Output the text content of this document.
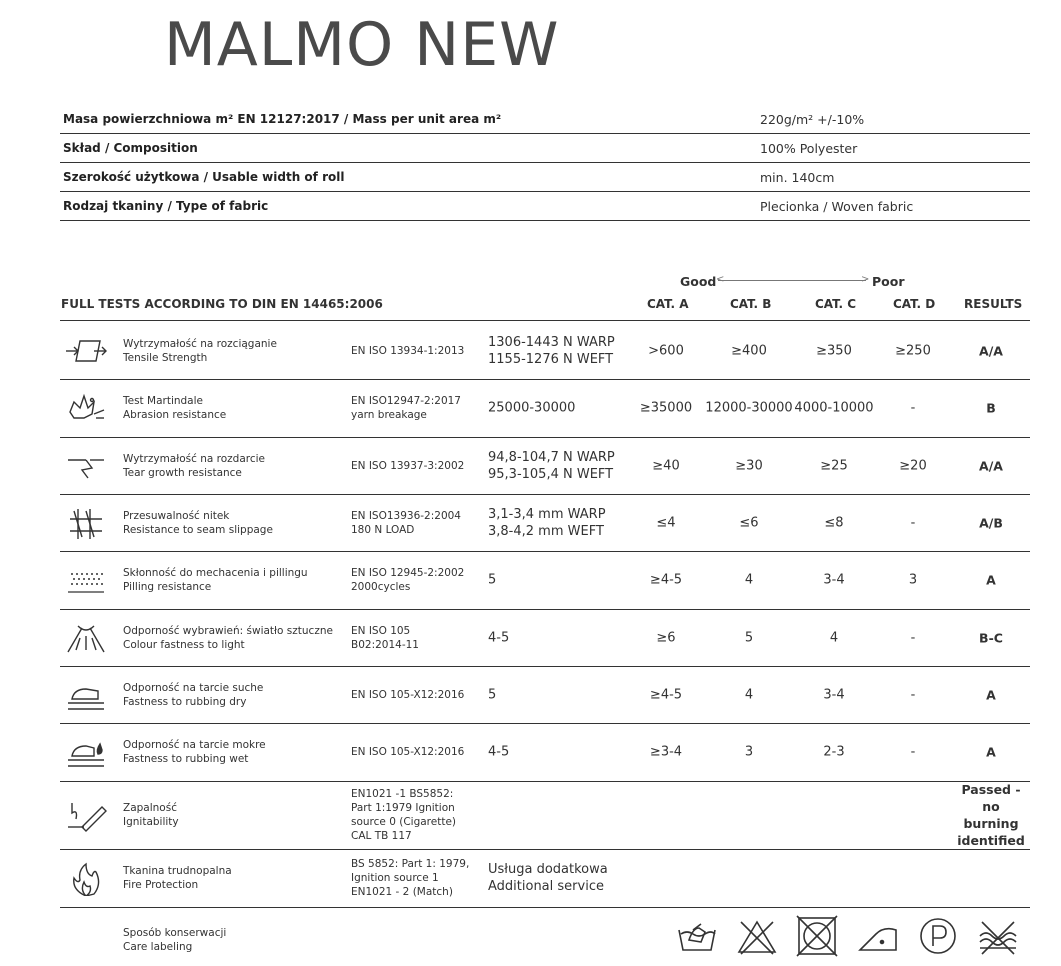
MALMO NEW
Masa powierzchniowa m² EN 12127:2017 / Mass per unit area m²	220g/m² +/-10%
Skład / Composition	100% Polyester
Szerokość użytkowa / Usable width of roll	min. 140cm
Rodzaj tkaniny / Type of fabric	Plecionka / Woven fabric
Good <	> Poor
FULL TESTS ACCORDING TO DIN EN 14465:2006	CAT. A	CAT. B	CAT. C	CAT. D RESULTS
Wytrzymałość na rozciąganie
Tensile Strength
EN ISO 13934-1:2013
1306-1443 N WARP
1155-1276 N WEFT
>600	≥400	≥350	≥250	A/A
Test Martindale
Abrasion resistance
EN ISO12947-2:2017
yarn breakage	25000-30000	≥35000	12000-30000 4000-10000	-	B
Wytrzymałość na rozdarcie
Tear growth resistance
EN ISO 13937-3:2002
94,8-104,7 N WARP
95,3-105,4 N WEFT
≥40	≥30	≥25	≥20	A/A
Przesuwalność nitek
Resistance to seam slippage
EN ISO13936-2:2004
180 N LOAD
3,1-3,4 mm WARP
3,8-4,2 mm WEFT
≤4	≤6	≤8	-	A/B
Skłonność do mechacenia i pillingu
Pilling resistance
EN ISO 12945-2:2002
2000cycles	5	≥4-5	4	3-4	3	A
Odporność wybrawień: światło sztuczne
Colour fastness to light
EN ISO 105
B02:2014-11	4-5	≥6	5	4	-	B-C
Odporność na tarcie suche
Fastness to rubbing dry
EN ISO 105-X12:2016	5	≥4-5	4	3-4	-	A
Odporność na tarcie mokre
Fastness to rubbing wet
EN ISO 105-X12:2016	4-5	≥3-4	3	2-3	-	A
Zapalność
Ignitability
EN1021 -1 BS5852:
Part 1:1979 Ignition
source 0 (Cigarette)
CAL TB 117
Passed -
no burning
identified
Tkanina trudnopalna
Fire Protection
BS 5852: Part 1: 1979,
Ignition source 1
EN1021 - 2 (Match)
Usługa dodatkowa
Additional service
Sposób konserwacji
Care labeling
